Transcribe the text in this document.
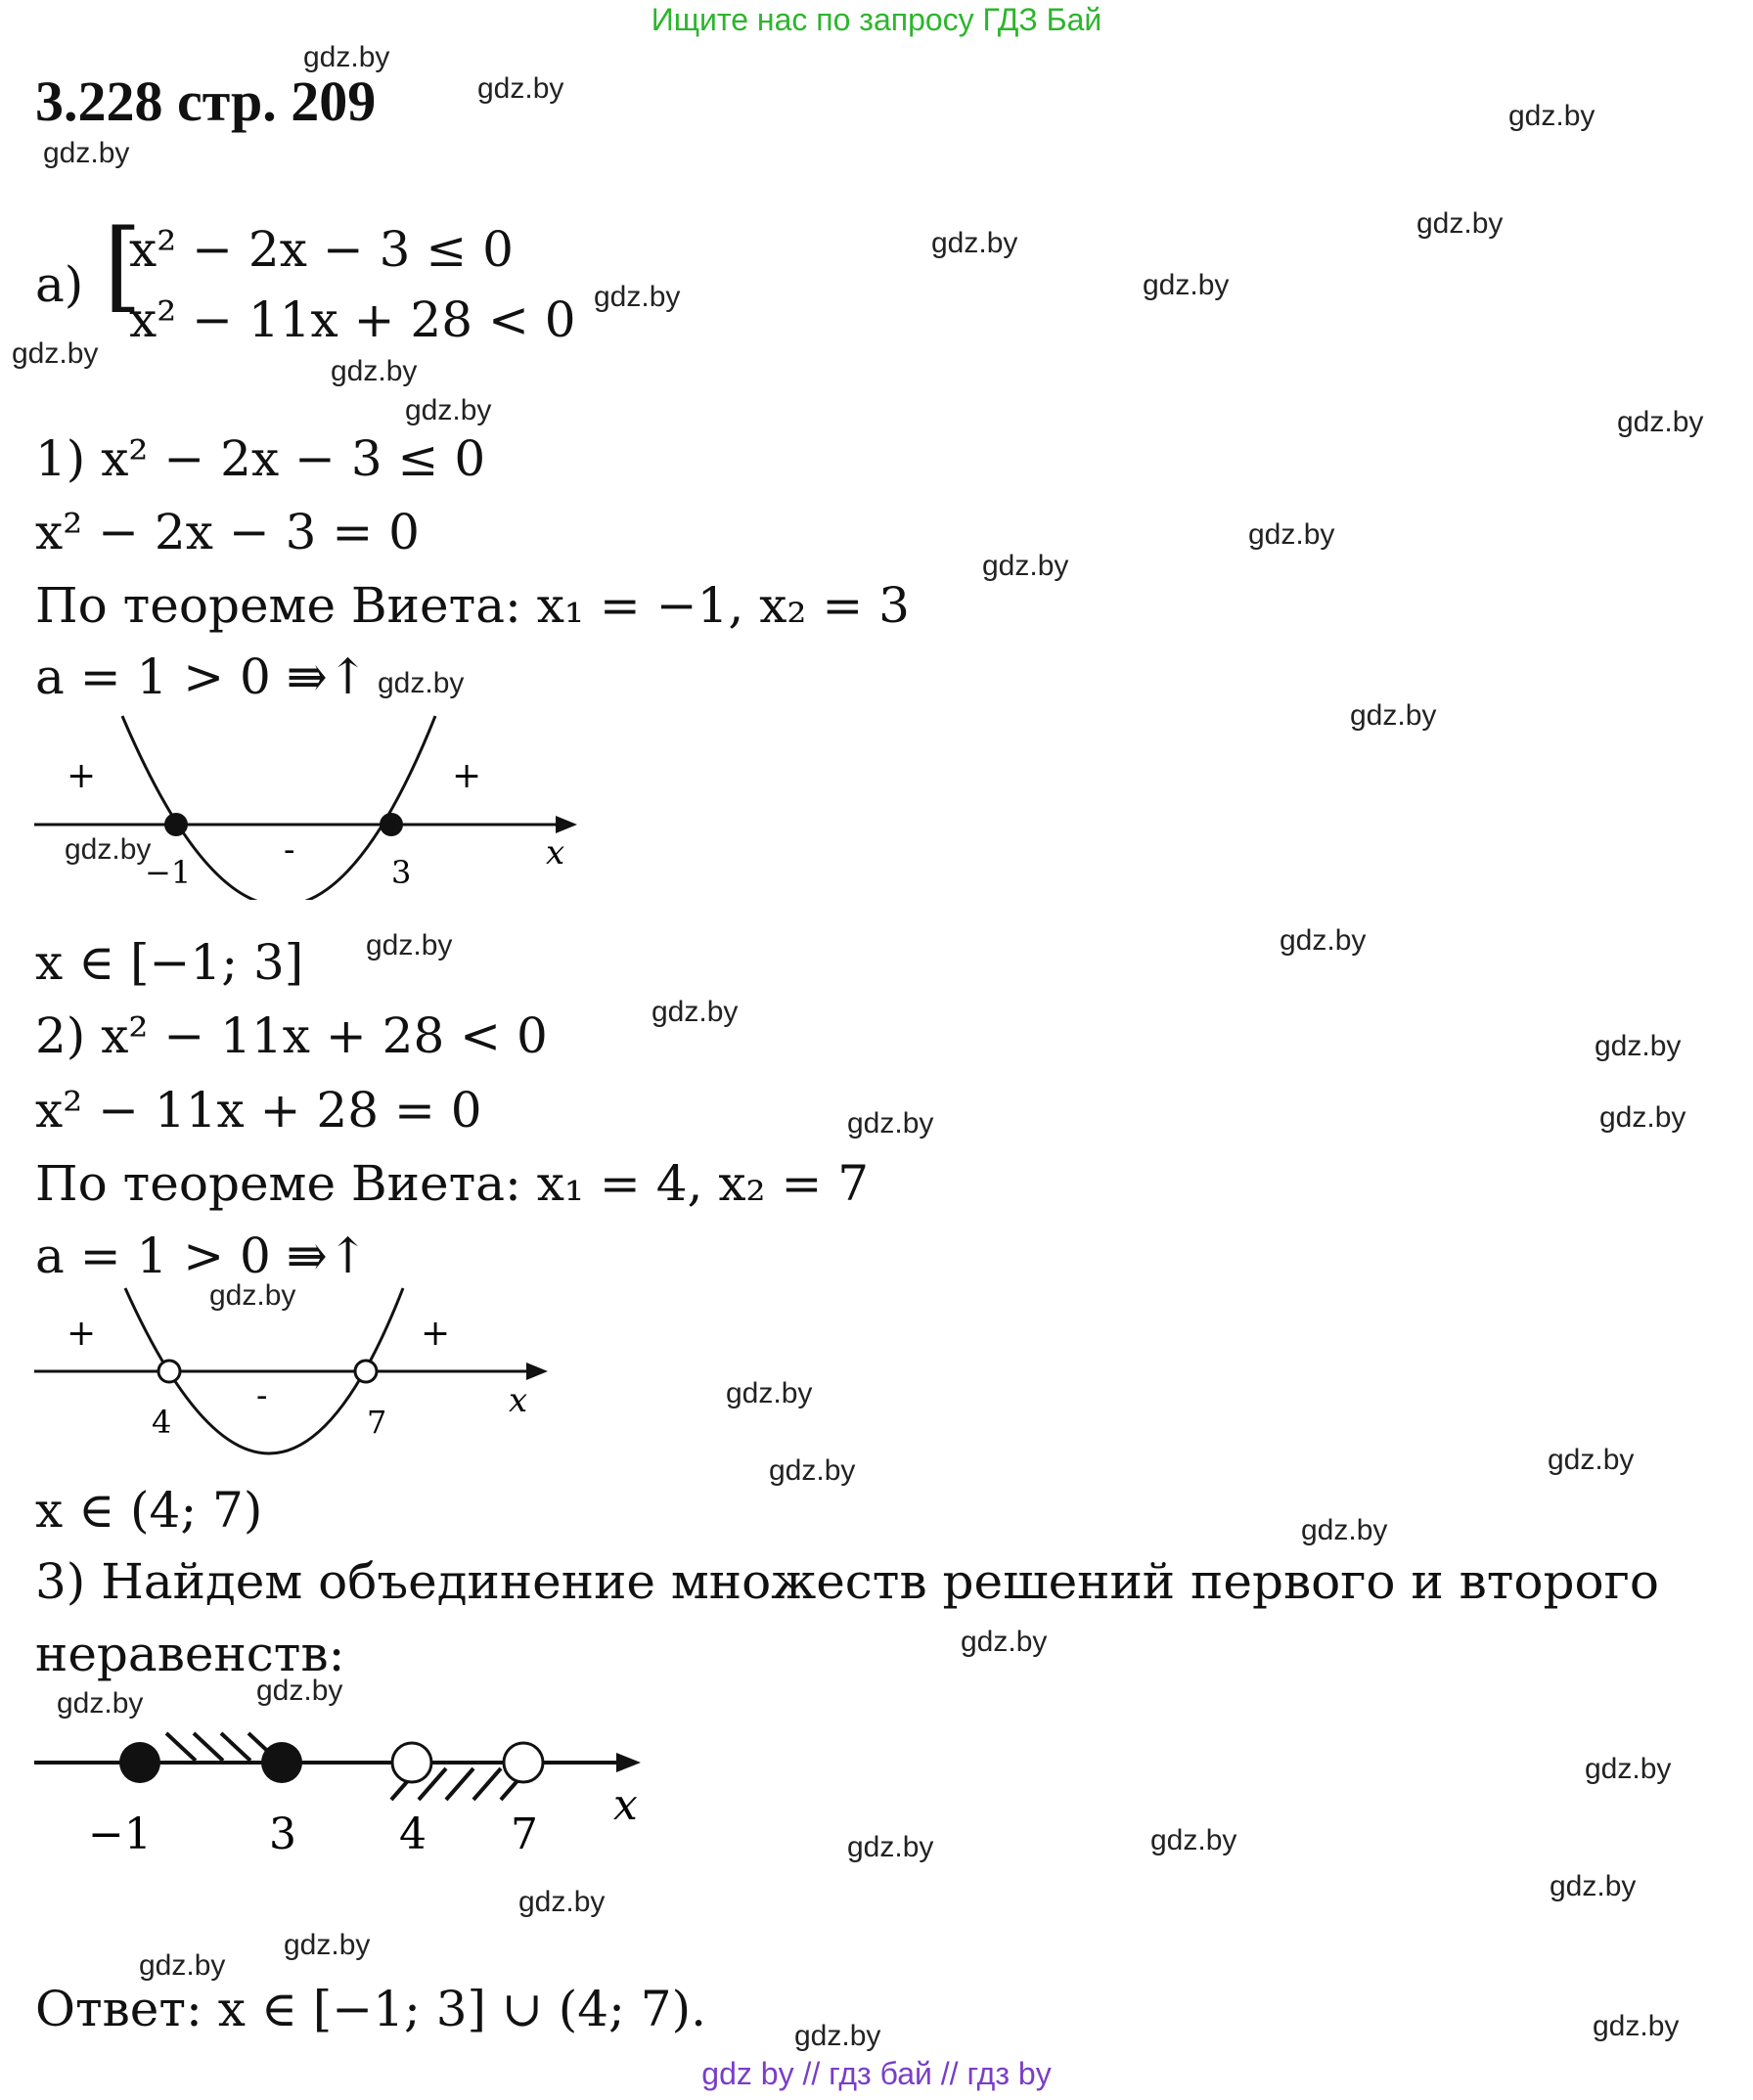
Ищите нас по запросу ГДЗ Бай
3.228 стр. 209
а) [
x² − 2x − 3 ≤ 0
x² − 11x + 28 < 0
1) x² − 2x − 3 ≤ 0
x² − 2x − 3 = 0
По теореме Виета: x₁ = −1, x₂ = 3
a = 1 > 0 ⇛↑
+
-
+
−1	3	x
x ∈ [−1; 3]
2) x² − 11x + 28 < 0
x² − 11x + 28 = 0
По теореме Виета: x₁ = 4, x₂ = 7
a = 1 > 0 ⇛↑
+
-
+
4	7
x
x ∈ (4; 7)
3) Найдем объединение множеств решений первого и второго
неравенств:
−1	3 4 7
x
Ответ: x ∈ [−1; 3] ∪ (4; 7).
gdz.by
gdz.by
gdz.by
gdz.by
gdz.by
gdz.by
gdz.by
gdz.by
gdz.by
gdz.by
gdz.by	gdz.by
gdz.by
gdz.by
gdz.by
gdz.by
gdz.by
gdz.by
gdz.by
gdz.by
gdz.by
gdz.by
gdz.by
gdz.by
gdz.by
gdz.by
gdz.by
gdz.by
gdz.by
gdz.by
gdz.by
gdz.by
gdz.by
gdz.by
gdz.by	gdz.by
gdz.by
gdz.by
gdz.by
gdz.by
gdz by // гдз бай // гдз by
